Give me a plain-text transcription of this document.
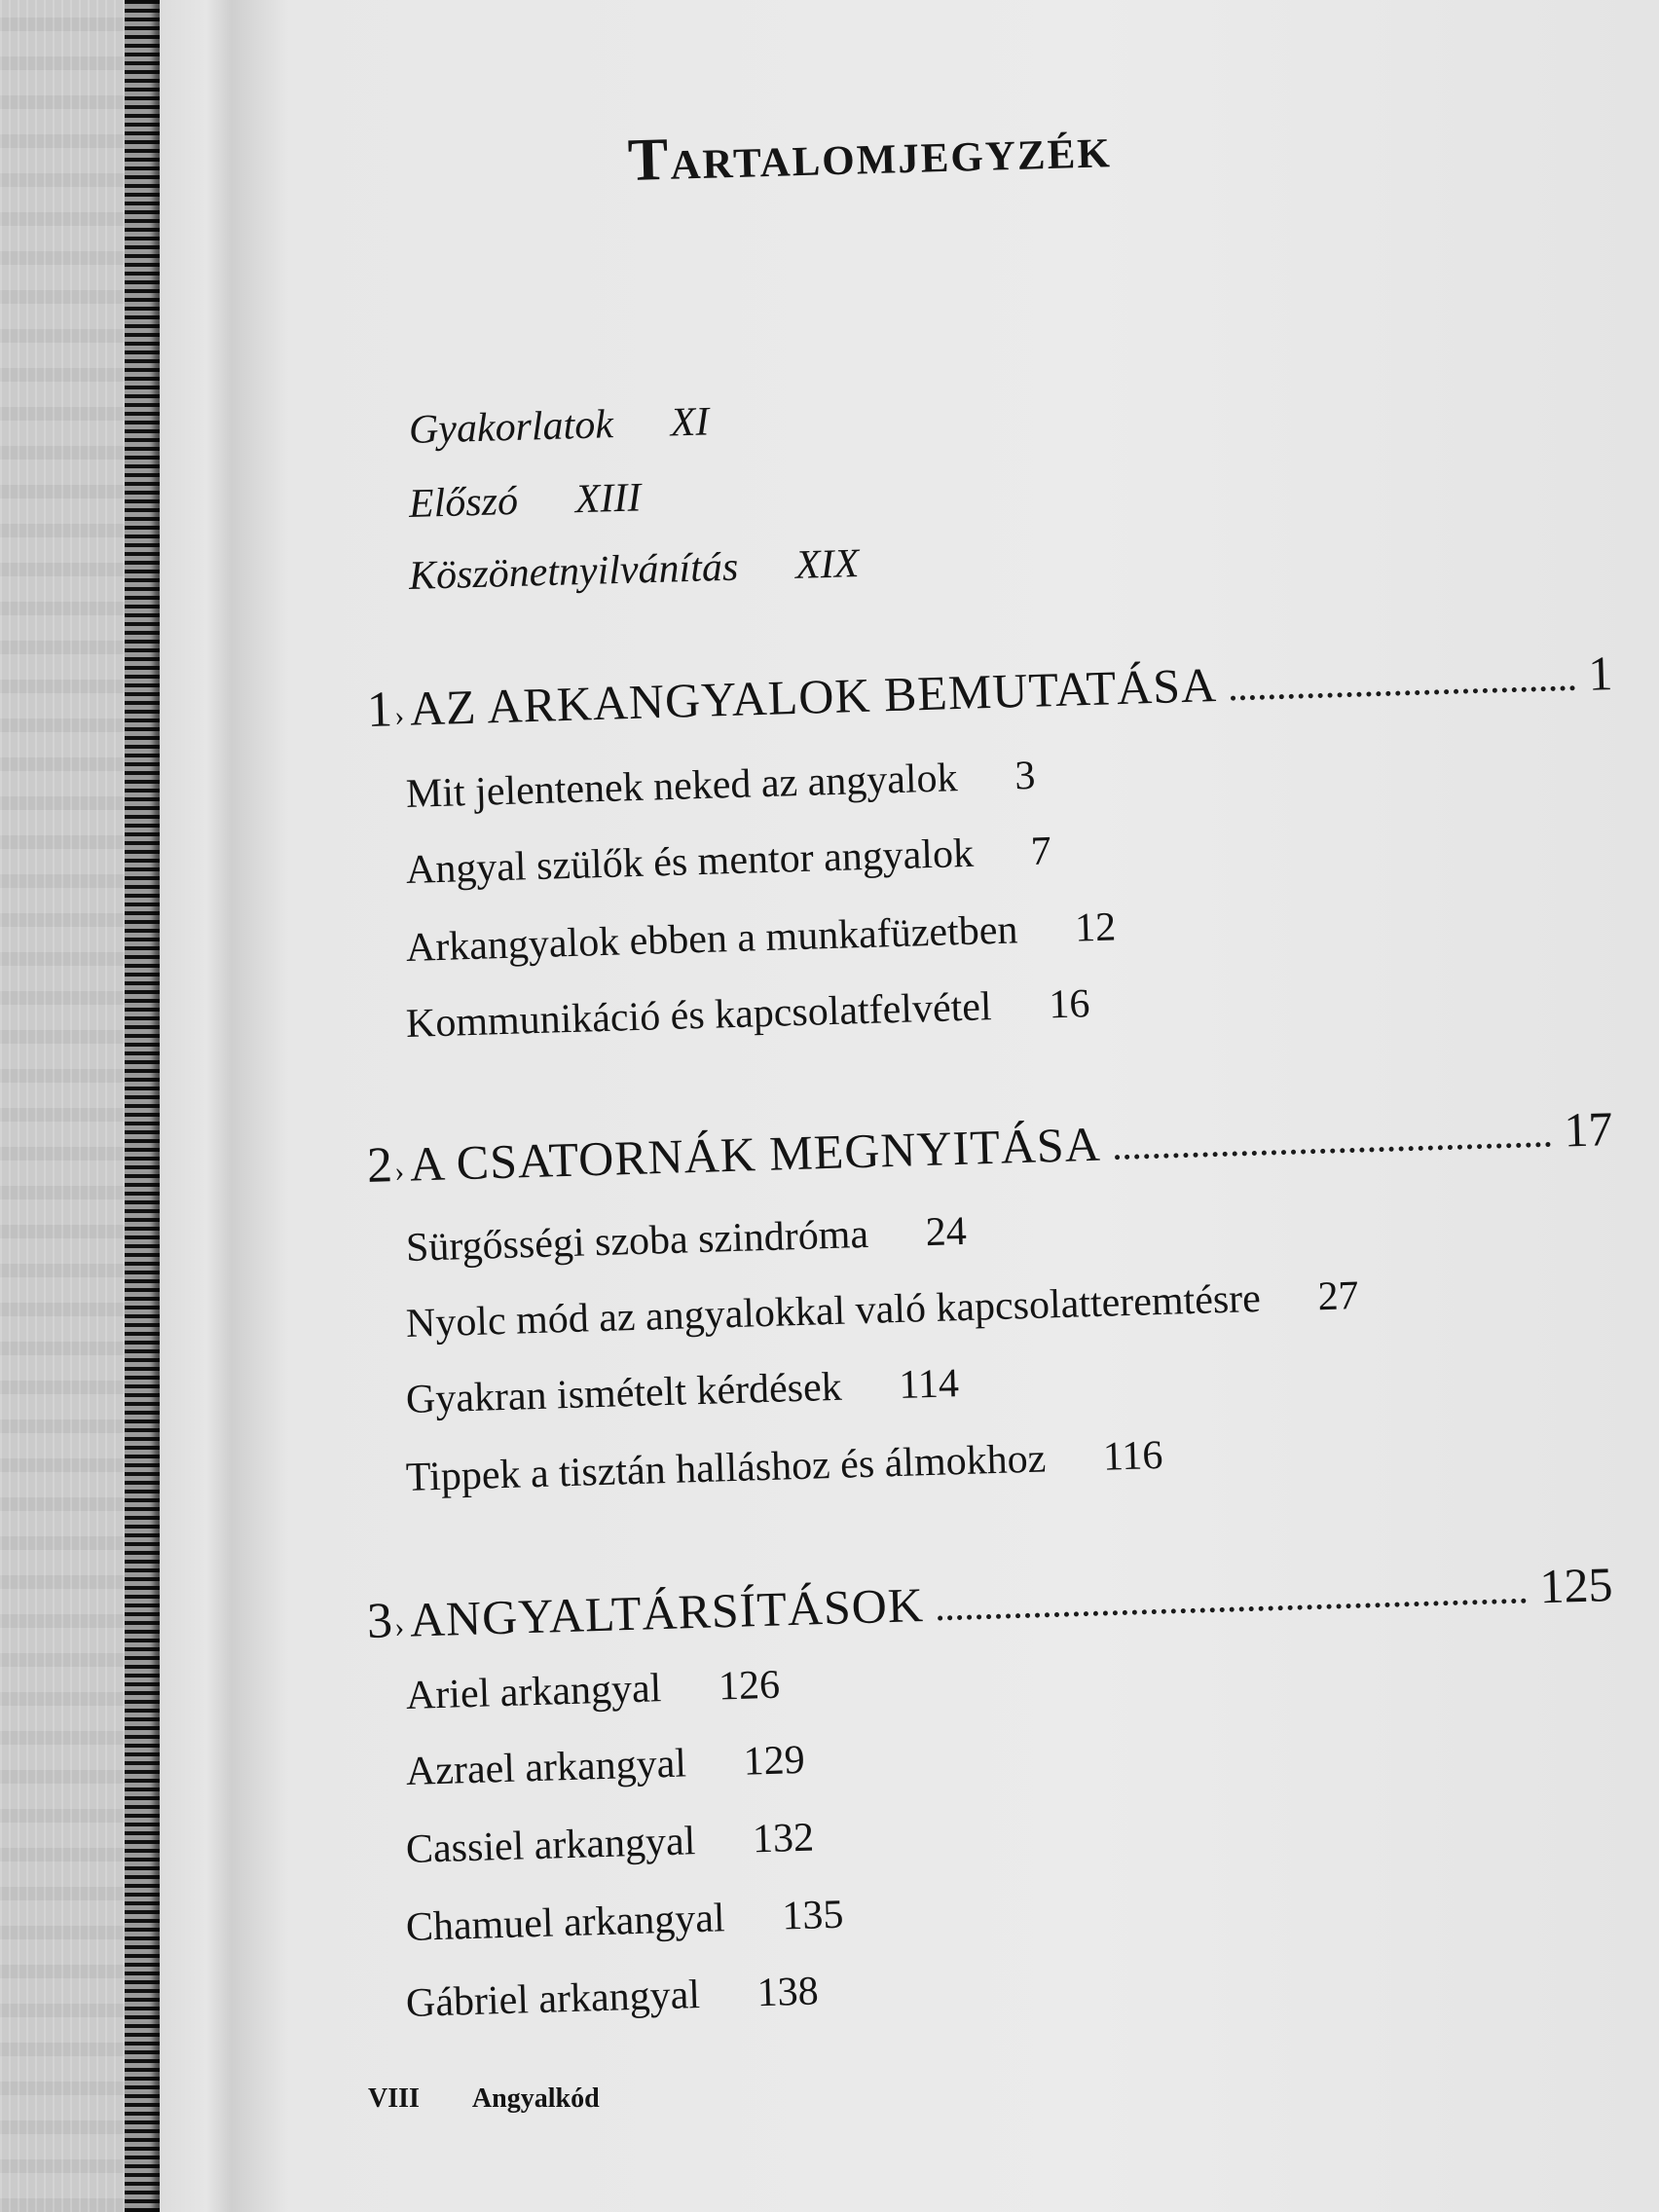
Tartalomjegyzék
Gyakorlatok XI
Előszó XIII
Köszönetnyilvánítás XIX
1 › AZ ARKANGYALOK BEMUTATÁSA	1
Mit jelentenek neked az angyalok 3
Angyal szülők és mentor angyalok 7
Arkangyalok ebben a munkafüzetben 12
Kommunikáció és kapcsolatfelvétel 16
2 › A CSATORNÁK MEGNYITÁSA	17
Sürgősségi szoba szindróma 24
Nyolc mód az angyalokkal való kapcsolatteremtésre 27
Gyakran ismételt kérdések 114
Tippek a tisztán halláshoz és álmokhoz 116
3 › ANGYALTÁRSÍTÁSOK	125
Ariel arkangyal 126
Azrael arkangyal 129
Cassiel arkangyal 132
Chamuel arkangyal 135
Gábriel arkangyal 138
VIII Angyalkód
